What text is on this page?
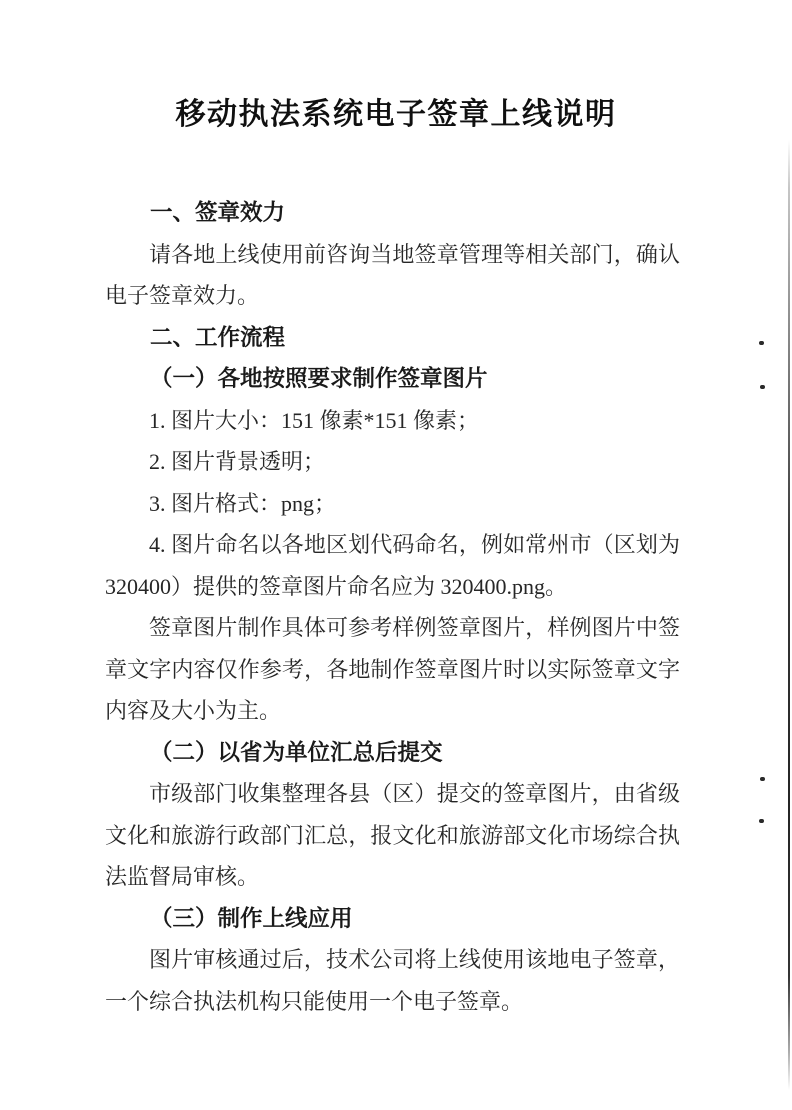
移动执法系统电子签章上线说明
一、签章效力
请各地上线使用前咨询当地签章管理等相关部门，确认
电子签章效力。
二、工作流程
（一）各地按照要求制作签章图片
1. 图片大小：151 像素*151 像素；
2. 图片背景透明；
3. 图片格式：png；
4. 图片命名以各地区划代码命名，例如常州市（区划为
320400）提供的签章图片命名应为 320400.png。
签章图片制作具体可参考样例签章图片，样例图片中签
章文字内容仅作参考，各地制作签章图片时以实际签章文字
内容及大小为主。
（二）以省为单位汇总后提交
市级部门收集整理各县（区）提交的签章图片，由省级
文化和旅游行政部门汇总，报文化和旅游部文化市场综合执
法监督局审核。
（三）制作上线应用
图片审核通过后，技术公司将上线使用该地电子签章，
一个综合执法机构只能使用一个电子签章。
